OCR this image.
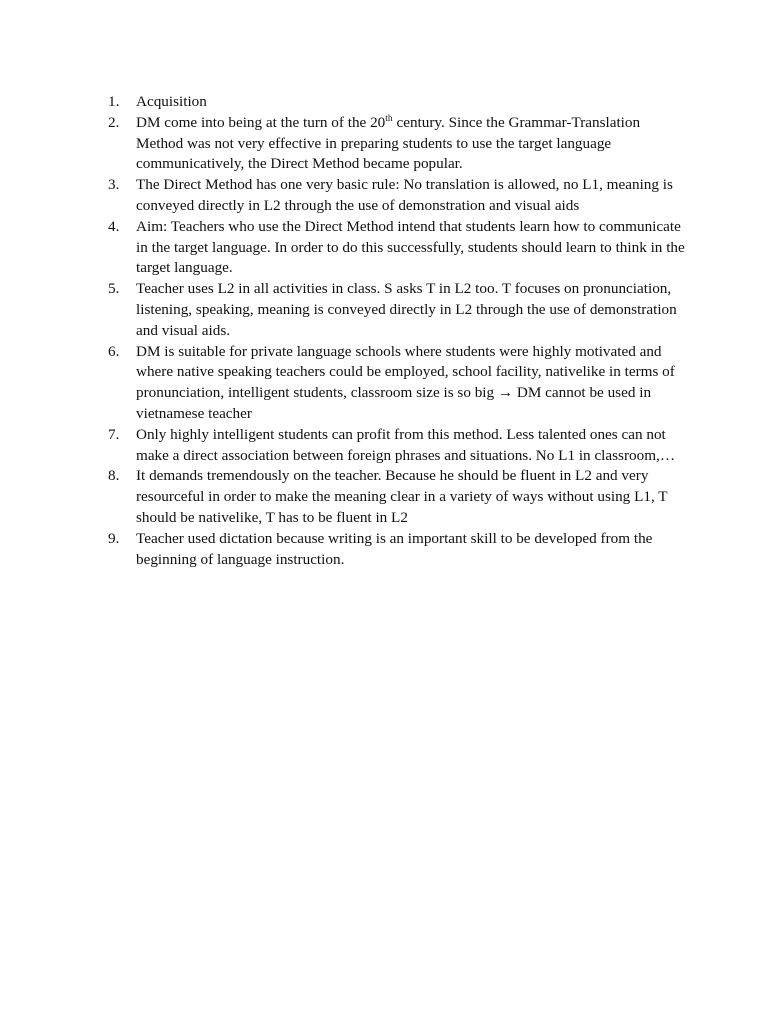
1.	Acquisition
2.	DM come into being at the turn of the 20th century. Since the Grammar-Translation Method was not very effective in preparing students to use the target language communicatively, the Direct Method became popular.
3.	The Direct Method has one very basic rule: No translation is allowed, no L1, meaning is conveyed directly in L2 through the use of demonstration and visual aids
4.	Aim: Teachers who use the Direct Method intend that students learn how to communicate in the target language. In order to do this successfully, students should learn to think in the target language.
5.	Teacher uses L2 in all activities in class. S asks T in L2 too. T focuses on pronunciation, listening, speaking, meaning is conveyed directly in L2 through the use of demonstration and visual aids.
6.	DM is suitable for private language schools where students were highly motivated and where native speaking teachers could be employed, school facility, nativelike in terms of pronunciation, intelligent students, classroom size is so big → DM cannot be used in vietnamese teacher
7.	Only highly intelligent students can profit from this method. Less talented ones can not make a direct association between foreign phrases and situations. No L1 in classroom,…
8.	It demands tremendously on the teacher. Because he should be fluent in L2 and very resourceful in order to make the meaning clear in a variety of ways without using L1, T should be nativelike, T has to be fluent in L2
9.	Teacher used dictation because writing is an important skill to be developed from the beginning of language instruction.
